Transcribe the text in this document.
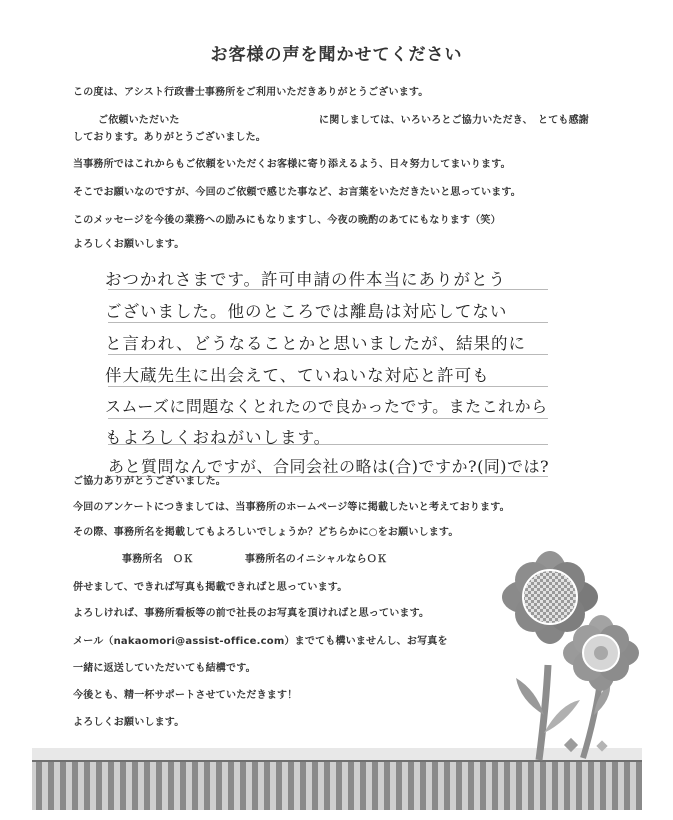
お客様の声を聞かせてください
この度は、アシスト行政書士事務所をご利用いただきありがとうございます。
ご依頼いただいた	に関しましては、いろいろとご協力いただき、　とても感謝
しております。ありがとうございました。
当事務所ではこれからもご依頼をいただくお客様に寄り添えるよう、日々努力してまいります。
そこでお願いなのですが、今回のご依頼で感じた事など、お言葉をいただきたいと思っています。
このメッセージを今後の業務への励みにもなりますし、今夜の晩酌のあてにもなります（笑）
よろしくお願いします。
おつかれさまです。許可申請の件本当にありがとう
ございました。他のところでは離島は対応してない
と言われ、どうなることかと思いましたが、結果的に
伴大蔵先生に出会えて、ていねいな対応と許可も
スムーズに問題なくとれたので良かったです。またこれから
もよろしくおねがいします。
あと質問なんですが、合同会社の略は(合)ですか?(同)では?
ご協力ありがとうございました。
今回のアンケートにつきましては、当事務所のホームページ等に掲載したいと考えております。
その際、事務所名を掲載してもよろしいでしょうか？どちらかに○をお願いします。
事務所名　ＯＫ	事務所名のイニシャルならＯＫ
併せまして、できれば写真も掲載できればと思っています。
よろしければ、事務所看板等の前で社長のお写真を頂ければと思っています。
メール（nakaomori@assist-office.com）までても構いませんし、お写真を
一緒に返送していただいても結構です。
今後とも、精一杯サポートさせていただきます！
よろしくお願いします。
